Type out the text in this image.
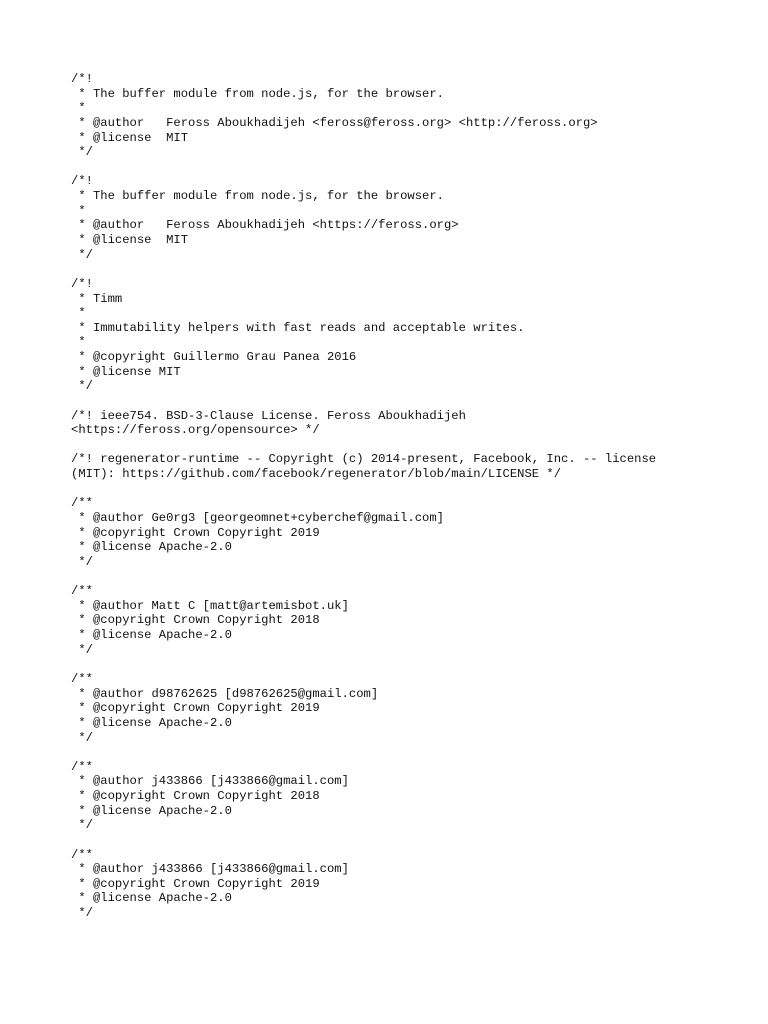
/*!
* The buffer module from node.js, for the browser.
*
* @author   Feross Aboukhadijeh <feross@feross.org> <http://feross.org>
* @license  MIT
*/
/*!
* The buffer module from node.js, for the browser.
*
* @author   Feross Aboukhadijeh <https://feross.org>
* @license  MIT
*/
/*!
* Timm
*
* Immutability helpers with fast reads and acceptable writes.
*
* @copyright Guillermo Grau Panea 2016
* @license MIT
*/
/*! ieee754. BSD-3-Clause License. Feross Aboukhadijeh
<https://feross.org/opensource> */
/*! regenerator-runtime -- Copyright (c) 2014-present, Facebook, Inc. -- license
(MIT): https://github.com/facebook/regenerator/blob/main/LICENSE */
/**
* @author Ge0rg3 [georgeomnet+cyberchef@gmail.com]
* @copyright Crown Copyright 2019
* @license Apache-2.0
*/
/**
* @author Matt C [matt@artemisbot.uk]
* @copyright Crown Copyright 2018
* @license Apache-2.0
*/
/**
* @author d98762625 [d98762625@gmail.com]
* @copyright Crown Copyright 2019
* @license Apache-2.0
*/
/**
* @author j433866 [j433866@gmail.com]
* @copyright Crown Copyright 2018
* @license Apache-2.0
*/
/**
* @author j433866 [j433866@gmail.com]
* @copyright Crown Copyright 2019
* @license Apache-2.0
*/
